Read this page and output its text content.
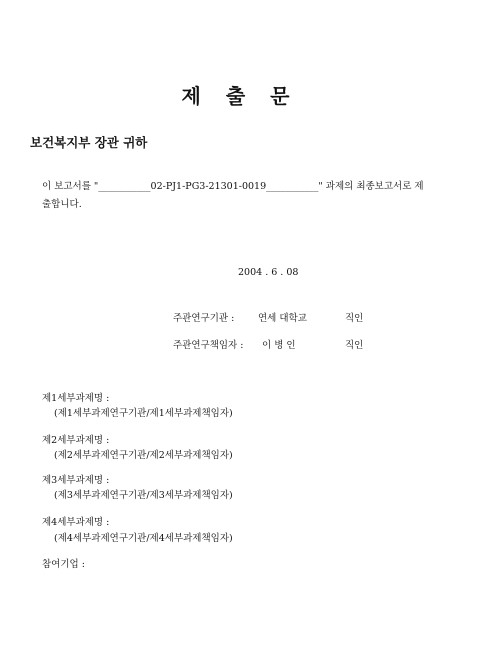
제 출 문
보건복지부 장관 귀하
이 보고서를 "___________02-PJ1-PG3-21301-0019___________" 과제의 최종보고서로 제
출합니다.
2004 . 6 . 08
주관연구기관 : 연세 대학교	직인
주관연구책임자 : 이 병 인	직인
제1세부과제명 :
(제1세부과제연구기관/제1세부과제책임자)
제2세부과제명 :
(제2세부과제연구기관/제2세부과제책임자)
제3세부과제명 :
(제3세부과제연구기관/제3세부과제책임자)
제4세부과제명 :
(제4세부과제연구기관/제4세부과제책임자)
참여기업 :
